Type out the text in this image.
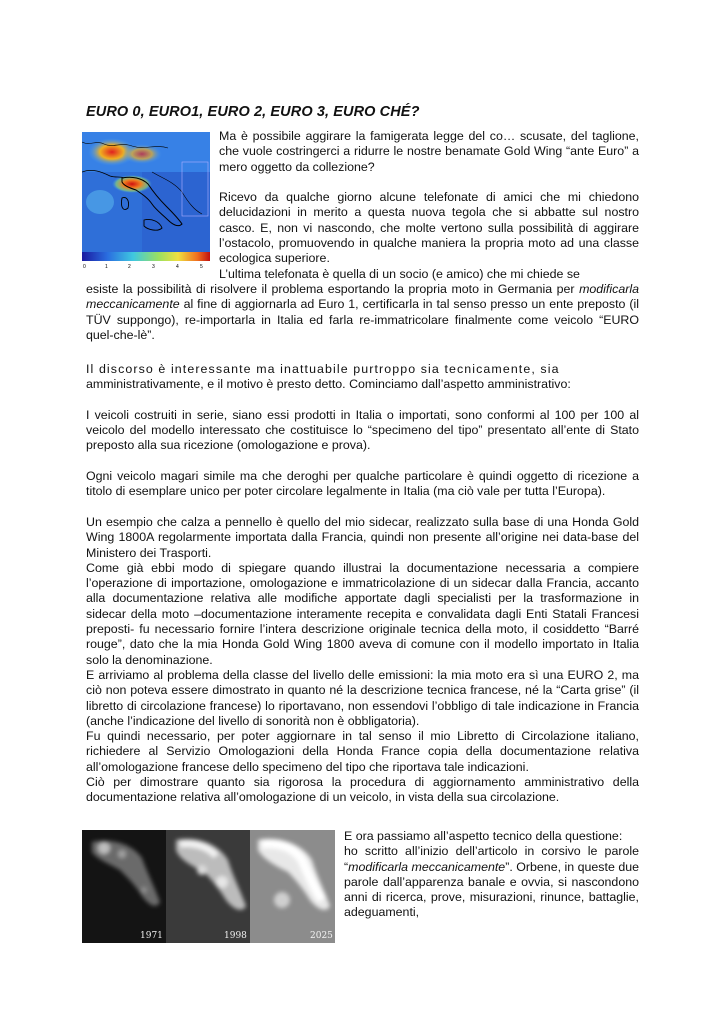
EURO 0, EURO1, EURO 2, EURO 3, EURO CHÉ?
0	1	2	3	4	5

Ma è possibile aggirare la famigerata legge del co… scusate, del taglione, che vuole costringerci a ridurre le nostre benamate Gold Wing “ante Euro” a mero oggetto da collezione?

Ricevo da qualche giorno alcune telefonate di amici che mi chiedono delucidazioni in merito a questa nuova tegola che si abbatte sul nostro casco. E, non vi nascondo, che molte vertono sulla possibilità di aggirare l’ostacolo, promuovendo in qualche maniera la propria moto ad una classe ecologica superiore.

L’ultima telefonata è quella di un socio (e amico) che mi chiede se

esiste la possibilità di risolvere il problema esportando la propria moto in Germania per modificarla meccanicamente al fine di aggiornarla ad Euro 1, certificarla in tal senso presso un ente preposto (il TÜV suppongo), re-importarla in Italia ed farla re-immatricolare finalmente come veicolo “EURO quel-che-lè”.

Il discorso è interessante ma inattuabile purtroppo sia tecnicamente, sia

amministrativamente, e il motivo è presto detto. Cominciamo dall’aspetto amministrativo:

I veicoli costruiti in serie, siano essi prodotti in Italia o importati, sono conformi al 100 per 100 al veicolo del modello interessato che costituisce lo “specimeno del tipo” presentato all’ente di Stato preposto alla sua ricezione (omologazione e prova).

Ogni veicolo magari simile ma che deroghi per qualche particolare è quindi oggetto di ricezione a titolo di esemplare unico per poter circolare legalmente in Italia (ma ciò vale per tutta l’Europa).

Un esempio che calza a pennello è quello del mio sidecar, realizzato sulla base di una Honda Gold Wing 1800A regolarmente importata dalla Francia, quindi non presente all’origine nei data-base del Ministero dei Trasporti.

Come già ebbi modo di spiegare quando illustrai la documentazione necessaria a compiere l’operazione di importazione, omologazione e immatricolazione di un sidecar dalla Francia, accanto alla documentazione relativa alle modifiche apportate dagli specialisti per la trasformazione in sidecar della moto –documentazione interamente recepita e convalidata dagli Enti Statali Francesi preposti- fu necessario fornire l’intera descrizione originale tecnica della moto, il cosiddetto “Barré rouge”, dato che la mia Honda Gold Wing 1800 aveva di comune con il modello importato in Italia solo la denominazione.

E arriviamo al problema della classe del livello delle emissioni: la mia moto era sì una EURO 2, ma ciò non poteva essere dimostrato in quanto né la descrizione tecnica francese, né la “Carta grise” (il libretto di circolazione francese) lo riportavano, non essendovi l’obbligo di tale indicazione in Francia (anche l’indicazione del livello di sonorità non è obbligatoria).

Fu quindi necessario, per poter aggiornare in tal senso il mio Libretto di Circolazione italiano, richiedere al Servizio Omologazioni della Honda France copia della documentazione relativa all’omologazione francese dello specimeno del tipo che riportava tale indicazioni.

Ciò per dimostrare quanto sia rigorosa la procedura di aggiornamento amministrativo della documentazione relativa all’omologazione di un veicolo, in vista della sua circolazione.

1971	1998	2025

E ora passiamo all’aspetto tecnico della questione:

ho scritto all’inizio dell’articolo in corsivo le parole “modificarla meccanicamente”. Orbene, in queste due parole dall’apparenza banale e ovvia, si nascondono anni di ricerca, prove, misurazioni, rinunce, battaglie, adeguamenti,
